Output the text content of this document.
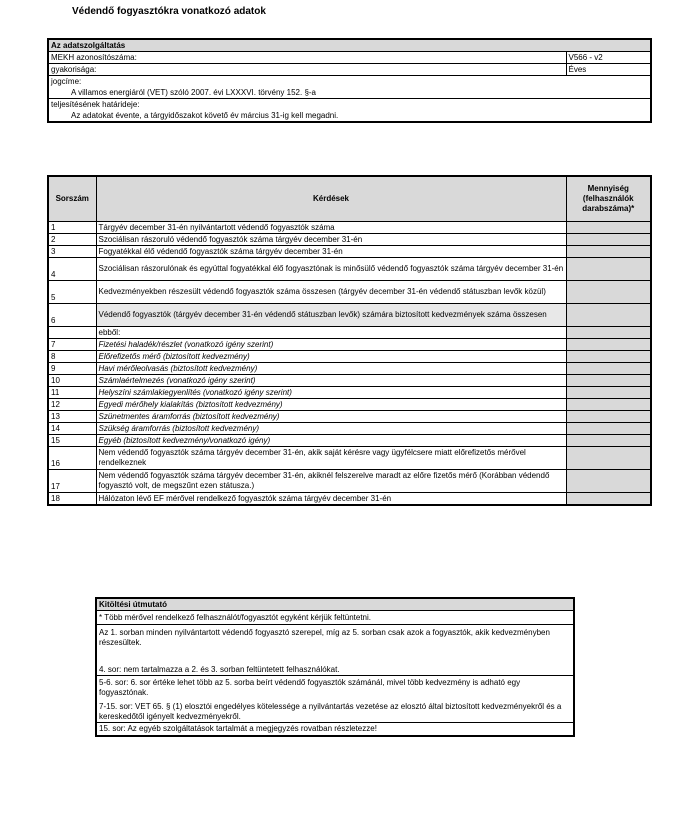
Védendő fogyasztókra vonatkozó adatok
Az adatszolgáltatás	
MEKH azonosítószáma:	V566 - v2
gyakorisága:	Éves
jogcíme:	
A villamos energiáról (VET) szóló 2007. évi LXXXVI. törvény 152. §-a	
teljesítésének határideje:	
Az adatokat évente, a tárgyidőszakot követő év március 31-ig kell megadni.	
Sorszám	Kérdések	Mennyiség (felhasználók darabszáma)*
1	Tárgyév december 31-én nyilvántartott védendő fogyasztók száma	
2	Szociálisan rászoruló védendő fogyasztók száma tárgyév december 31-én	
3	Fogyatékkal élő védendő fogyasztók száma tárgyév december 31-én	
4	Szociálisan rászorulónak és egyúttal fogyatékkal élő fogyasztónak is minősülő védendő fogyasztók száma tárgyév december 31-én	
5	Kedvezményekben részesült védendő fogyasztók száma összesen (tárgyév december 31-én védendő státuszban levők közül)	
6	Védendő fogyasztók (tárgyév december 31-én védendő státuszban levők) számára biztosított kedvezmények száma összesen	
	ebből:	
7	Fizetési haladék/részlet (vonatkozó igény szerint)	
8	Előrefizetős mérő (biztosított kedvezmény)	
9	Havi mérőleolvasás (biztosított kedvezmény)	
10	Számlaértelmezés (vonatkozó igény szerint)	
11	Helyszíni számlakiegyenlítés (vonatkozó igény szerint)	
12	Egyedi mérőhely kialakítás (biztosított kedvezmény)	
13	Szünetmentes áramforrás (biztosított kedvezmény)	
14	Szükség áramforrás (biztosított kedvezmény)	
15	Egyéb (biztosított kedvezmény/vonatkozó igény)	
16	Nem védendő fogyasztók száma tárgyév december 31-én, akik saját kérésre vagy ügyfélcsere miatt előrefizetős mérővel rendelkeznek	
17	Nem védendő fogyasztók száma tárgyév december 31-én, akiknél felszerelve maradt az előre fizetős mérő (Korábban védendő fogyasztó volt, de megszűnt ezen státusza.)	
18	Hálózaton lévő EF mérővel rendelkező fogyasztók száma tárgyév december 31-én	
Kitöltési útmutató
* Több mérővel rendelkező felhasználót/fogyasztót egyként kérjük feltüntetni.
Az 1. sorban minden nyilvántartott védendő fogyasztó szerepel, míg az 5. sorban csak azok a fogyasztók, akik kedvezményben részesültek.

4. sor: nem tartalmazza a 2. és 3. sorban feltüntetett felhasználókat.
5-6. sor: 6. sor értéke lehet több az 5. sorba beírt védendő fogyasztók számánál, mivel több kedvezmény is adható egy fogyasztónak.
7-15. sor: VET 65. § (1) elosztói engedélyes kötelessége a nyilvántartás vezetése az elosztó által biztosított kedvezményekről és a kereskedőtől igényelt kedvezményekről.
15. sor: Az egyéb szolgáltatások tartalmát a megjegyzés rovatban részletezze!
